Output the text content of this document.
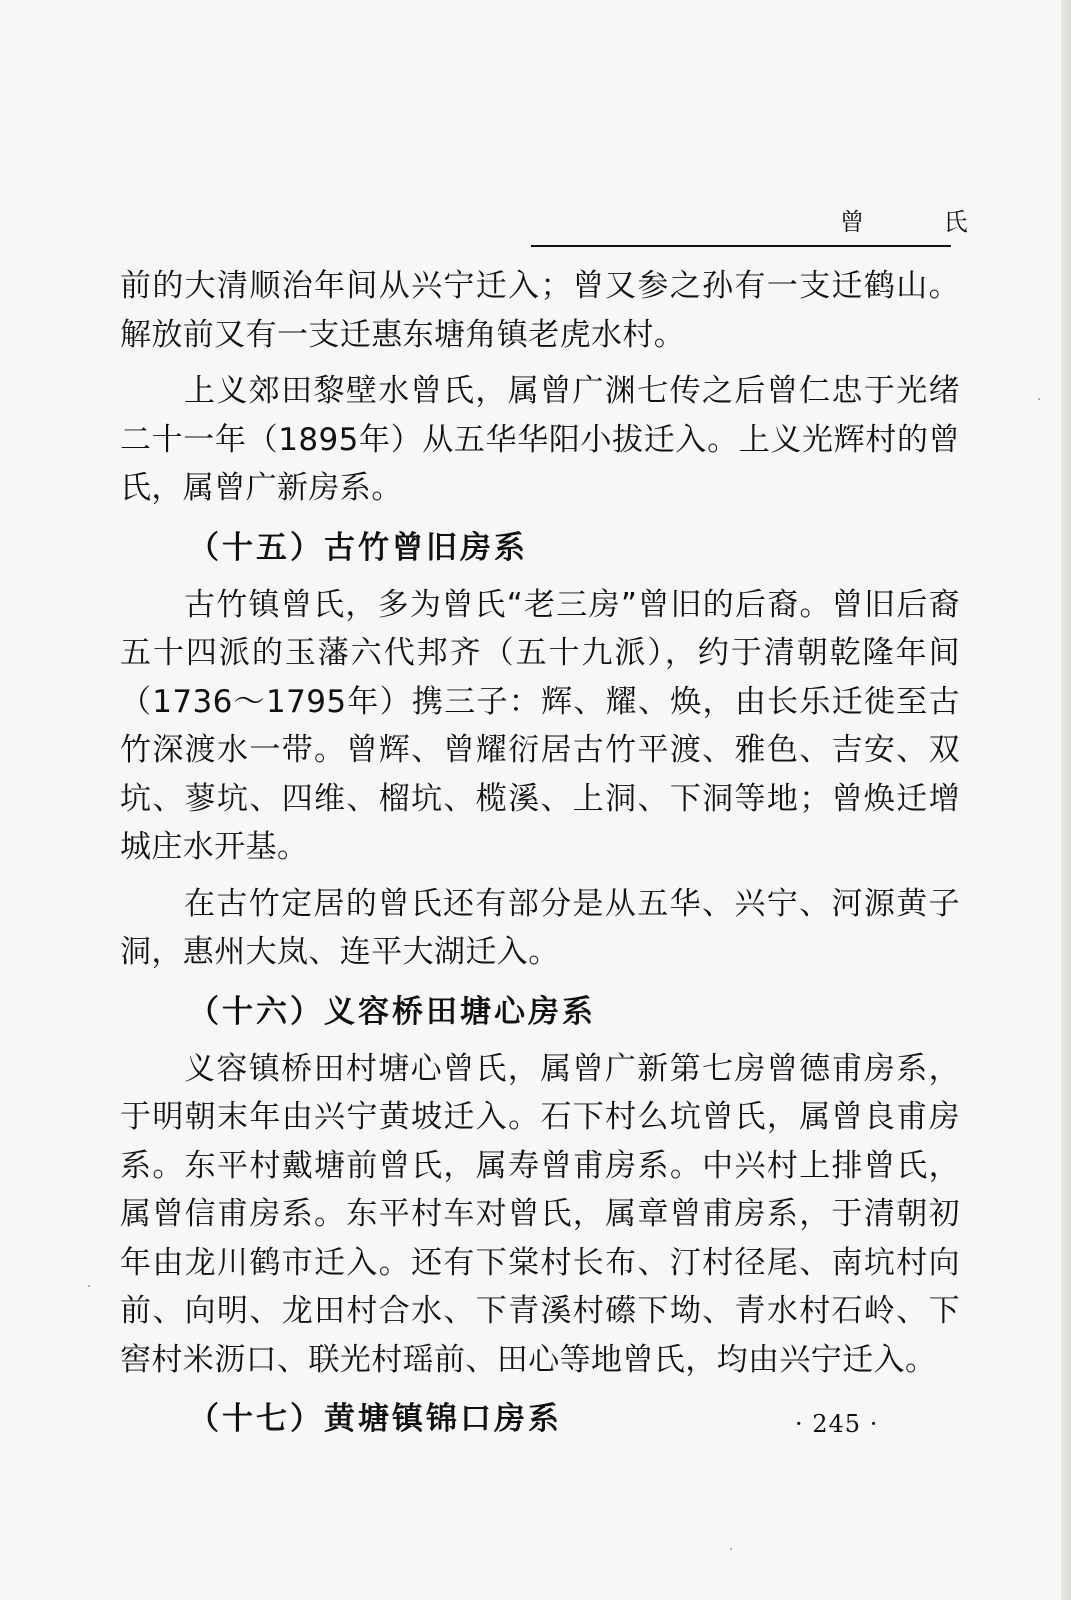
曾 氏

前的大清顺治年间从兴宁迁入；曾又参之孙有一支迁鹤山。解放前又有一支迁惠东塘角镇老虎水村。

上义郊田黎壁水曾氏，属曾广渊七传之后曾仁忠于光绪二十一年（1895年）从五华华阳小拔迁入。上义光辉村的曾氏，属曾广新房系。

（十五）古竹曾旧房系

古竹镇曾氏，多为曾氏“老三房”曾旧的后裔。曾旧后裔五十四派的玉藩六代邦齐（五十九派），约于清朝乾隆年间（1736～1795年）携三子：辉、耀、焕，由长乐迁徙至古竹深渡水一带。曾辉、曾耀衍居古竹平渡、雅色、吉安、双坑、蓼坑、四维、榴坑、榄溪、上洞、下洞等地；曾焕迁增城庄水开基。

在古竹定居的曾氏还有部分是从五华、兴宁、河源黄子洞，惠州大岚、连平大湖迁入。

（十六）义容桥田塘心房系

义容镇桥田村塘心曾氏，属曾广新第七房曾德甫房系，于明朝末年由兴宁黄坡迁入。石下村么坑曾氏，属曾良甫房系。东平村戴塘前曾氏，属寿曾甫房系。中兴村上排曾氏，属曾信甫房系。东平村车对曾氏，属章曾甫房系，于清朝初年由龙川鹤市迁入。还有下棠村长布、汀村径尾、南坑村向前、向明、龙田村合水、下青溪村礤下坳、青水村石岭、下窖村米沥口、联光村瑶前、田心等地曾氏，均由兴宁迁入。

（十七）黄塘镇锦口房系	· 245 ·
